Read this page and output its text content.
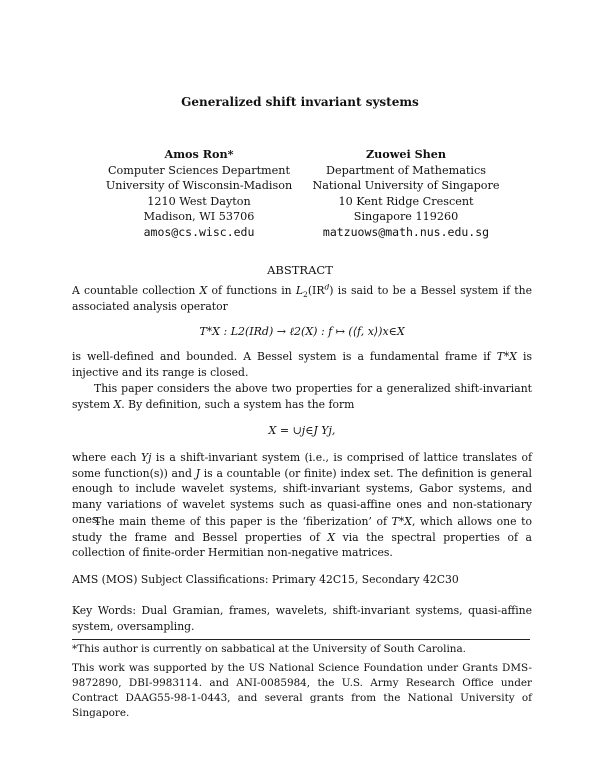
Generalized shift invariant systems
Amos Ron*
Computer Sciences Department
University of Wisconsin-Madison
1210 West Dayton
Madison, WI 53706
amos@cs.wisc.edu
Zuowei Shen
Department of Mathematics
National University of Singapore
10 Kent Ridge Crescent
Singapore 119260
matzuows@math.nus.edu.sg
ABSTRACT
A countable collection X of functions in $L_2(IR^d)$ is said to be a Bessel system if the associated analysis operator
T*X : L2(IRd) → ℓ2(X) : f ↦ (⟨f, x⟩)x∈X
is well-defined and bounded. A Bessel system is a fundamental frame if T*X is injective and its range is closed.
This paper considers the above two properties for a generalized shift-invariant system X. By definition, such a system has the form
X = ∪j∈J Yj,
where each Yj is a shift-invariant system (i.e., is comprised of lattice translates of some function(s)) and J is a countable (or finite) index set. The definition is general enough to include wavelet systems, shift-invariant systems, Gabor systems, and many variations of wavelet systems such as quasi-affine ones and non-stationary ones.
The main theme of this paper is the ‘fiberization’ of T*X, which allows one to study the frame and Bessel properties of X via the spectral properties of a collection of finite-order Hermitian non-negative matrices.
AMS (MOS) Subject Classifications: Primary 42C15, Secondary 42C30
Key Words: Dual Gramian, frames, wavelets, shift-invariant systems, quasi-affine system, oversampling.
*This author is currently on sabbatical at the University of South Carolina.
This work was supported by the US National Science Foundation under Grants DMS-9872890, DBI-9983114. and ANI-0085984, the U.S. Army Research Office under Contract DAAG55-98-1-0443, and several grants from the National University of Singapore.
